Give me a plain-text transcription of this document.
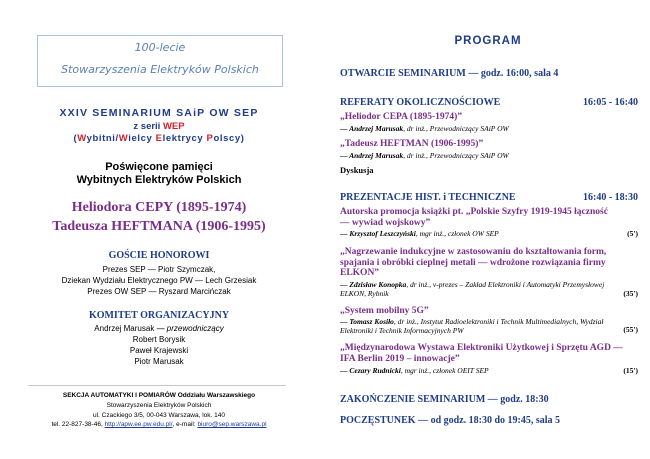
100-lecie
Stowarzyszenia Elektryków Polskich
XXIV SEMINARIUM SAiP OW SEP
z serii WEP
(Wybitni/Wielcy Elektrycy Polscy)
Poświęcone pamięci
Wybitnych Elektryków Polskich
Heliodora CEPY (1895-1974)
Tadeusza HEFTMANA (1906-1995)
GOŚCIE HONOROWI
Prezes SEP — Piotr Szymczak,
Dziekan Wydziału Elektrycznego PW — Lech Grzesiak
Prezes OW SEP — Ryszard Marcińczak
KOMITET ORGANIZACYJNY
Andrzej Marusak — przewodniczący
Robert Borysik
Paweł Krajewski
Piotr Marusak
SEKCJA AUTOMATYKI I POMIARÓW Oddziału Warszawskiego
Stowarzyszenia Elektryków Polskich
ul. Czackiego 3/5, 00-043 Warszawa, lok. 140
tel. 22-827-38-46, http://apw.ee.pw.edu.pl/, e-mail: biuro@sep.warszawa.pl
PROGRAM
OTWARCIE SEMINARIUM — godz. 16:00, sala 4
REFERATY OKOLICZNOŚCIOWE	16:05 - 16:40
„Heliodor CEPA (1895-1974)”
— Andrzej Marusak, dr inż., Przewodniczący SAiP OW
„Tadeusz HEFTMAN (1906-1995)”
— Andrzej Marusak, dr inż., Przewodniczący SAiP OW
Dyskusja
PREZENTACJE HIST. i TECHNICZNE	16:40 - 18:30
Autorska promocja książki pt. „Polskie Szyfry 1919-1945 łączność — wywiad wojskowy”
— Krzysztof Leszczyński, mgr inż., członek OW SEP	(5')
„Nagrzewanie indukcyjne w zastosowaniu do kształtowania form, spajania i obróbki cieplnej metali — wdrożone rozwiązania firmy ELKON”
— Zdzisław Konopka, dr inż., v-prezes – Zakład Elektroniki i Automatyki Przemysłowej ELKON, Rybnik	(35')
„System mobilny 5G”
— Tomasz Kosiło, dr inż., Instytut Radioelektroniki i Technik Multimedialnych, Wydział Elektroniki i Technik Informacyjnych PW	(55')
„Międzynarodowa Wystawa Elektroniki Użytkowej i Sprzętu AGD — IFA Berlin 2019 – innowacje”
— Cezary Rudnicki, mgr inż., członek OEIT SEP	(15')
ZAKOŃCZENIE SEMINARIUM — godz. 18:30
POCZĘSTUNEK — od godz. 18:30 do 19:45, sala 5
